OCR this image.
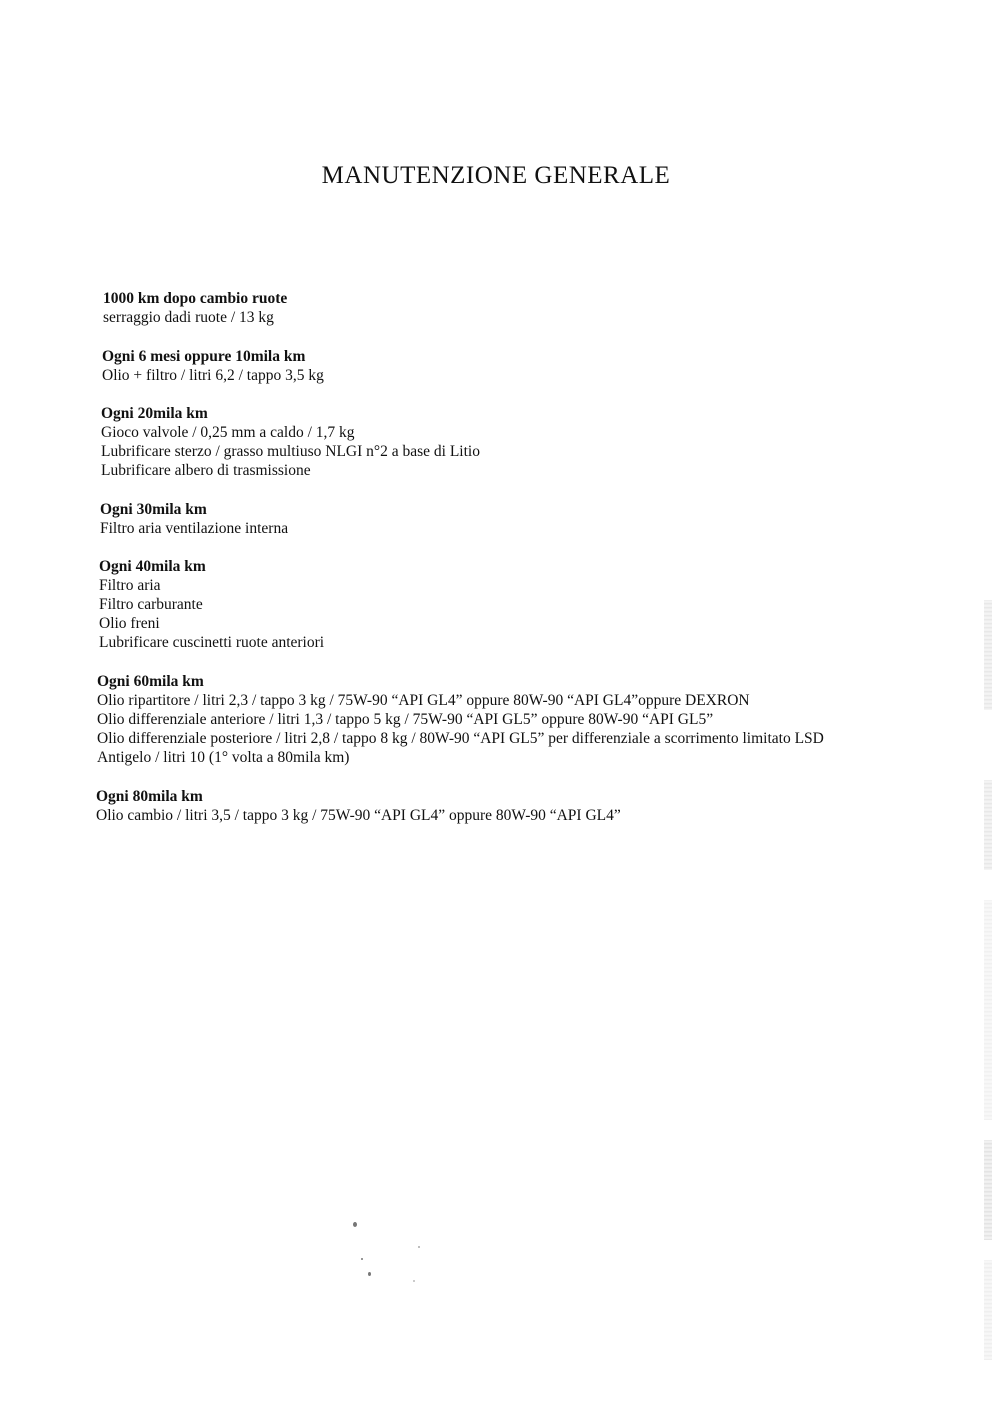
MANUTENZIONE GENERALE
1000 km dopo cambio ruote
serraggio dadi ruote / 13 kg
Ogni 6 mesi oppure 10mila km
Olio + filtro / litri 6,2 / tappo 3,5 kg
Ogni 20mila km
Gioco valvole / 0,25 mm a caldo / 1,7 kg
Lubrificare sterzo / grasso multiuso NLGI n°2 a base di Litio
Lubrificare albero di trasmissione
Ogni 30mila km
Filtro aria ventilazione interna
Ogni 40mila km
Filtro aria
Filtro carburante
Olio freni
Lubrificare cuscinetti ruote anteriori
Ogni 60mila km
Olio ripartitore / litri 2,3 / tappo 3 kg / 75W-90 “API GL4” oppure 80W-90 “API GL4”oppure DEXRON
Olio differenziale anteriore / litri 1,3 / tappo 5 kg / 75W-90 “API GL5” oppure 80W-90 “API GL5”
Olio differenziale posteriore / litri 2,8 / tappo 8 kg / 80W-90 “API GL5” per differenziale a scorrimento limitato LSD
Antigelo / litri 10 (1° volta a 80mila km)
Ogni 80mila km
Olio cambio / litri 3,5 / tappo 3 kg / 75W-90 “API GL4” oppure 80W-90 “API GL4”
